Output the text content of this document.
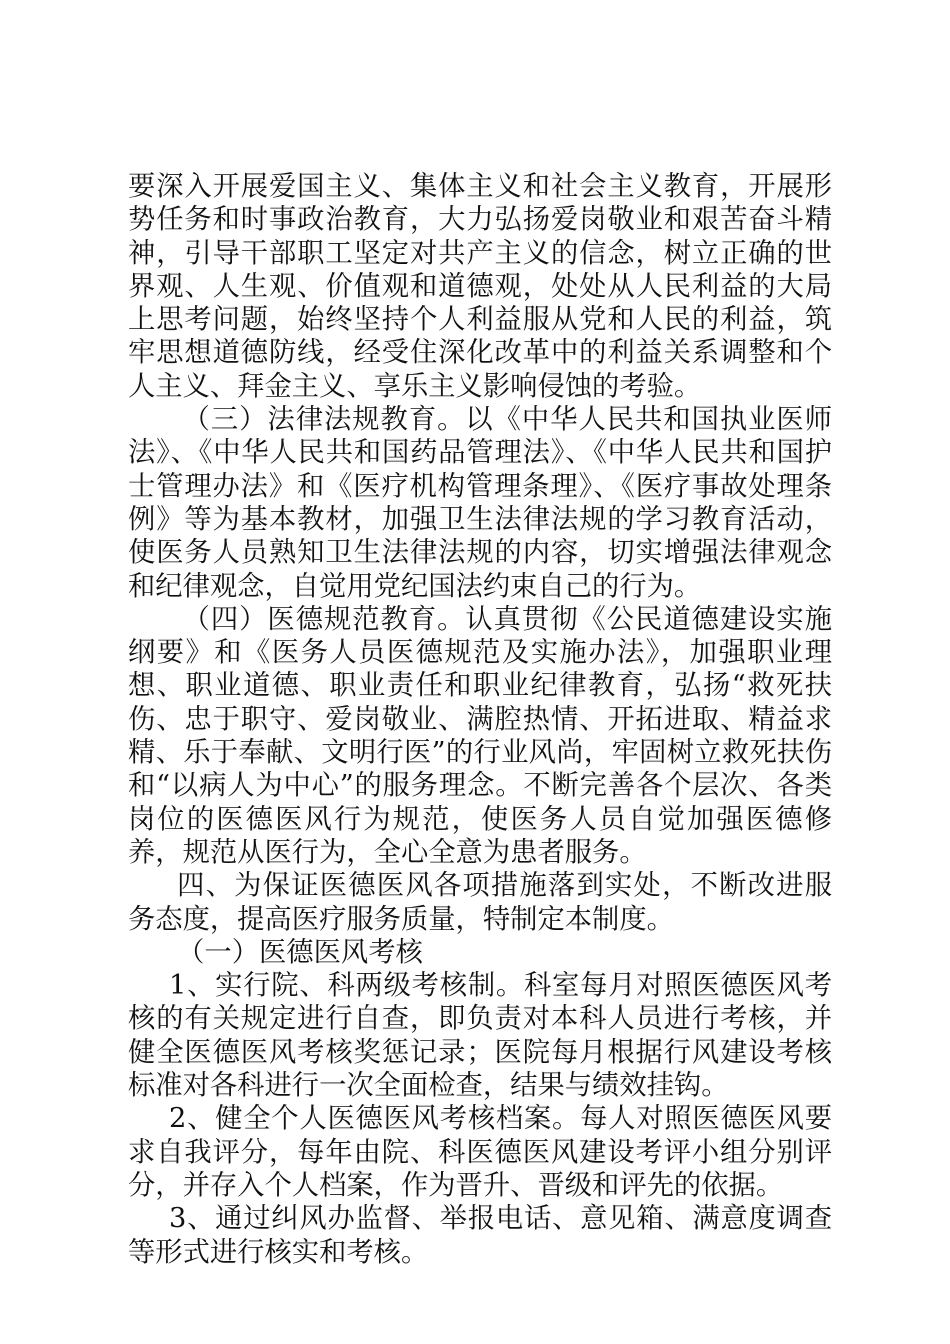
要深入开展爱国主义、集体主义和社会主义教育，开展形势任务和时事政治教育，大力弘扬爱岗敬业和艰苦奋斗精神，引导干部职工坚定对共产主义的信念，树立正确的世界观、人生观、价值观和道德观，处处从人民利益的大局上思考问题，始终坚持个人利益服从党和人民的利益，筑牢思想道德防线，经受住深化改革中的利益关系调整和个人主义、拜金主义、享乐主义影响侵蚀的考验。

（三）法律法规教育。以《中华人民共和国执业医师法》、《中华人民共和国药品管理法》、《中华人民共和国护士管理办法》和《医疗机构管理条理》、《医疗事故处理条例》等为基本教材，加强卫生法律法规的学习教育活动，使医务人员熟知卫生法律法规的内容，切实增强法律观念和纪律观念，自觉用党纪国法约束自己的行为。

（四）医德规范教育。认真贯彻《公民道德建设实施纲要》和《医务人员医德规范及实施办法》，加强职业理想、职业道德、职业责任和职业纪律教育，弘扬“救死扶伤、忠于职守、爱岗敬业、满腔热情、开拓进取、精益求精、乐于奉献、文明行医”的行业风尚，牢固树立救死扶伤和“以病人为中心”的服务理念。不断完善各个层次、各类岗位的医德医风行为规范，使医务人员自觉加强医德修养，规范从医行为，全心全意为患者服务。

四、为保证医德医风各项措施落到实处，不断改进服务态度，提高医疗服务质量，特制定本制度。

（一）医德医风考核

1、实行院、科两级考核制。科室每月对照医德医风考核的有关规定进行自查，即负责对本科人员进行考核，并健全医德医风考核奖惩记录；医院每月根据行风建设考核标准对各科进行一次全面检查，结果与绩效挂钩。

2、健全个人医德医风考核档案。每人对照医德医风要求自我评分，每年由院、科医德医风建设考评小组分别评分，并存入个人档案，作为晋升、晋级和评先的依据。

3、通过纠风办监督、举报电话、意见箱、满意度调查等形式进行核实和考核。
